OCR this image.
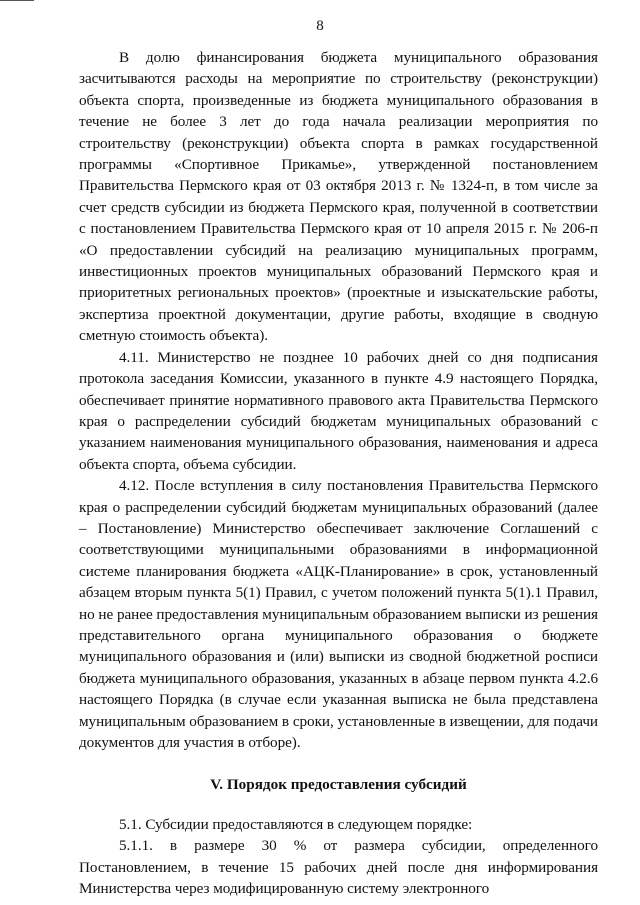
8

В долю финансирования бюджета муниципального образования засчитываются расходы на мероприятие по строительству (реконструкции) объекта спорта, произведенные из бюджета муниципального образования в течение не более 3 лет до года начала реализации мероприятия по строительству (реконструкции) объекта спорта в рамках государственной программы «Спортивное Прикамье», утвержденной постановлением Правительства Пермского края от 03 октября 2013 г. № 1324-п, в том числе за счет средств субсидии из бюджета Пермского края, полученной в соответствии с постановлением Правительства Пермского края от 10 апреля 2015 г. № 206-п «О предоставлении субсидий на реализацию муниципальных программ, инвестиционных проектов муниципальных образований Пермского края и приоритетных региональных проектов» (проектные и изыскательские работы, экспертиза проектной документации, другие работы, входящие в сводную сметную стоимость объекта).

4.11. Министерство не позднее 10 рабочих дней со дня подписания протокола заседания Комиссии, указанного в пункте 4.9 настоящего Порядка, обеспечивает принятие нормативного правового акта Правительства Пермского края о распределении субсидий бюджетам муниципальных образований с указанием наименования муниципального образования, наименования и адреса объекта спорта, объема субсидии.

4.12. После вступления в силу постановления Правительства Пермского края о распределении субсидий бюджетам муниципальных образований (далее – Постановление) Министерство обеспечивает заключение Соглашений с соответствующими муниципальными образованиями в информационной системе планирования бюджета «АЦК-Планирование» в срок, установленный абзацем вторым пункта 5(1) Правил, с учетом положений пункта 5(1).1 Правил, но не ранее предоставления муниципальным образованием выписки из решения представительного органа муниципального образования о бюджете муниципального образования и (или) выписки из сводной бюджетной росписи бюджета муниципального образования, указанных в абзаце первом пункта 4.2.6 настоящего Порядка (в случае если указанная выписка не была представлена муниципальным образованием в сроки, установленные в извещении, для подачи документов для участия в отборе).

V. Порядок предоставления субсидий

5.1. Субсидии предоставляются в следующем порядке:

5.1.1. в размере 30 % от размера субсидии, определенного Постановлением, в течение 15 рабочих дней после дня информирования Министерства через модифицированную систему электронного
